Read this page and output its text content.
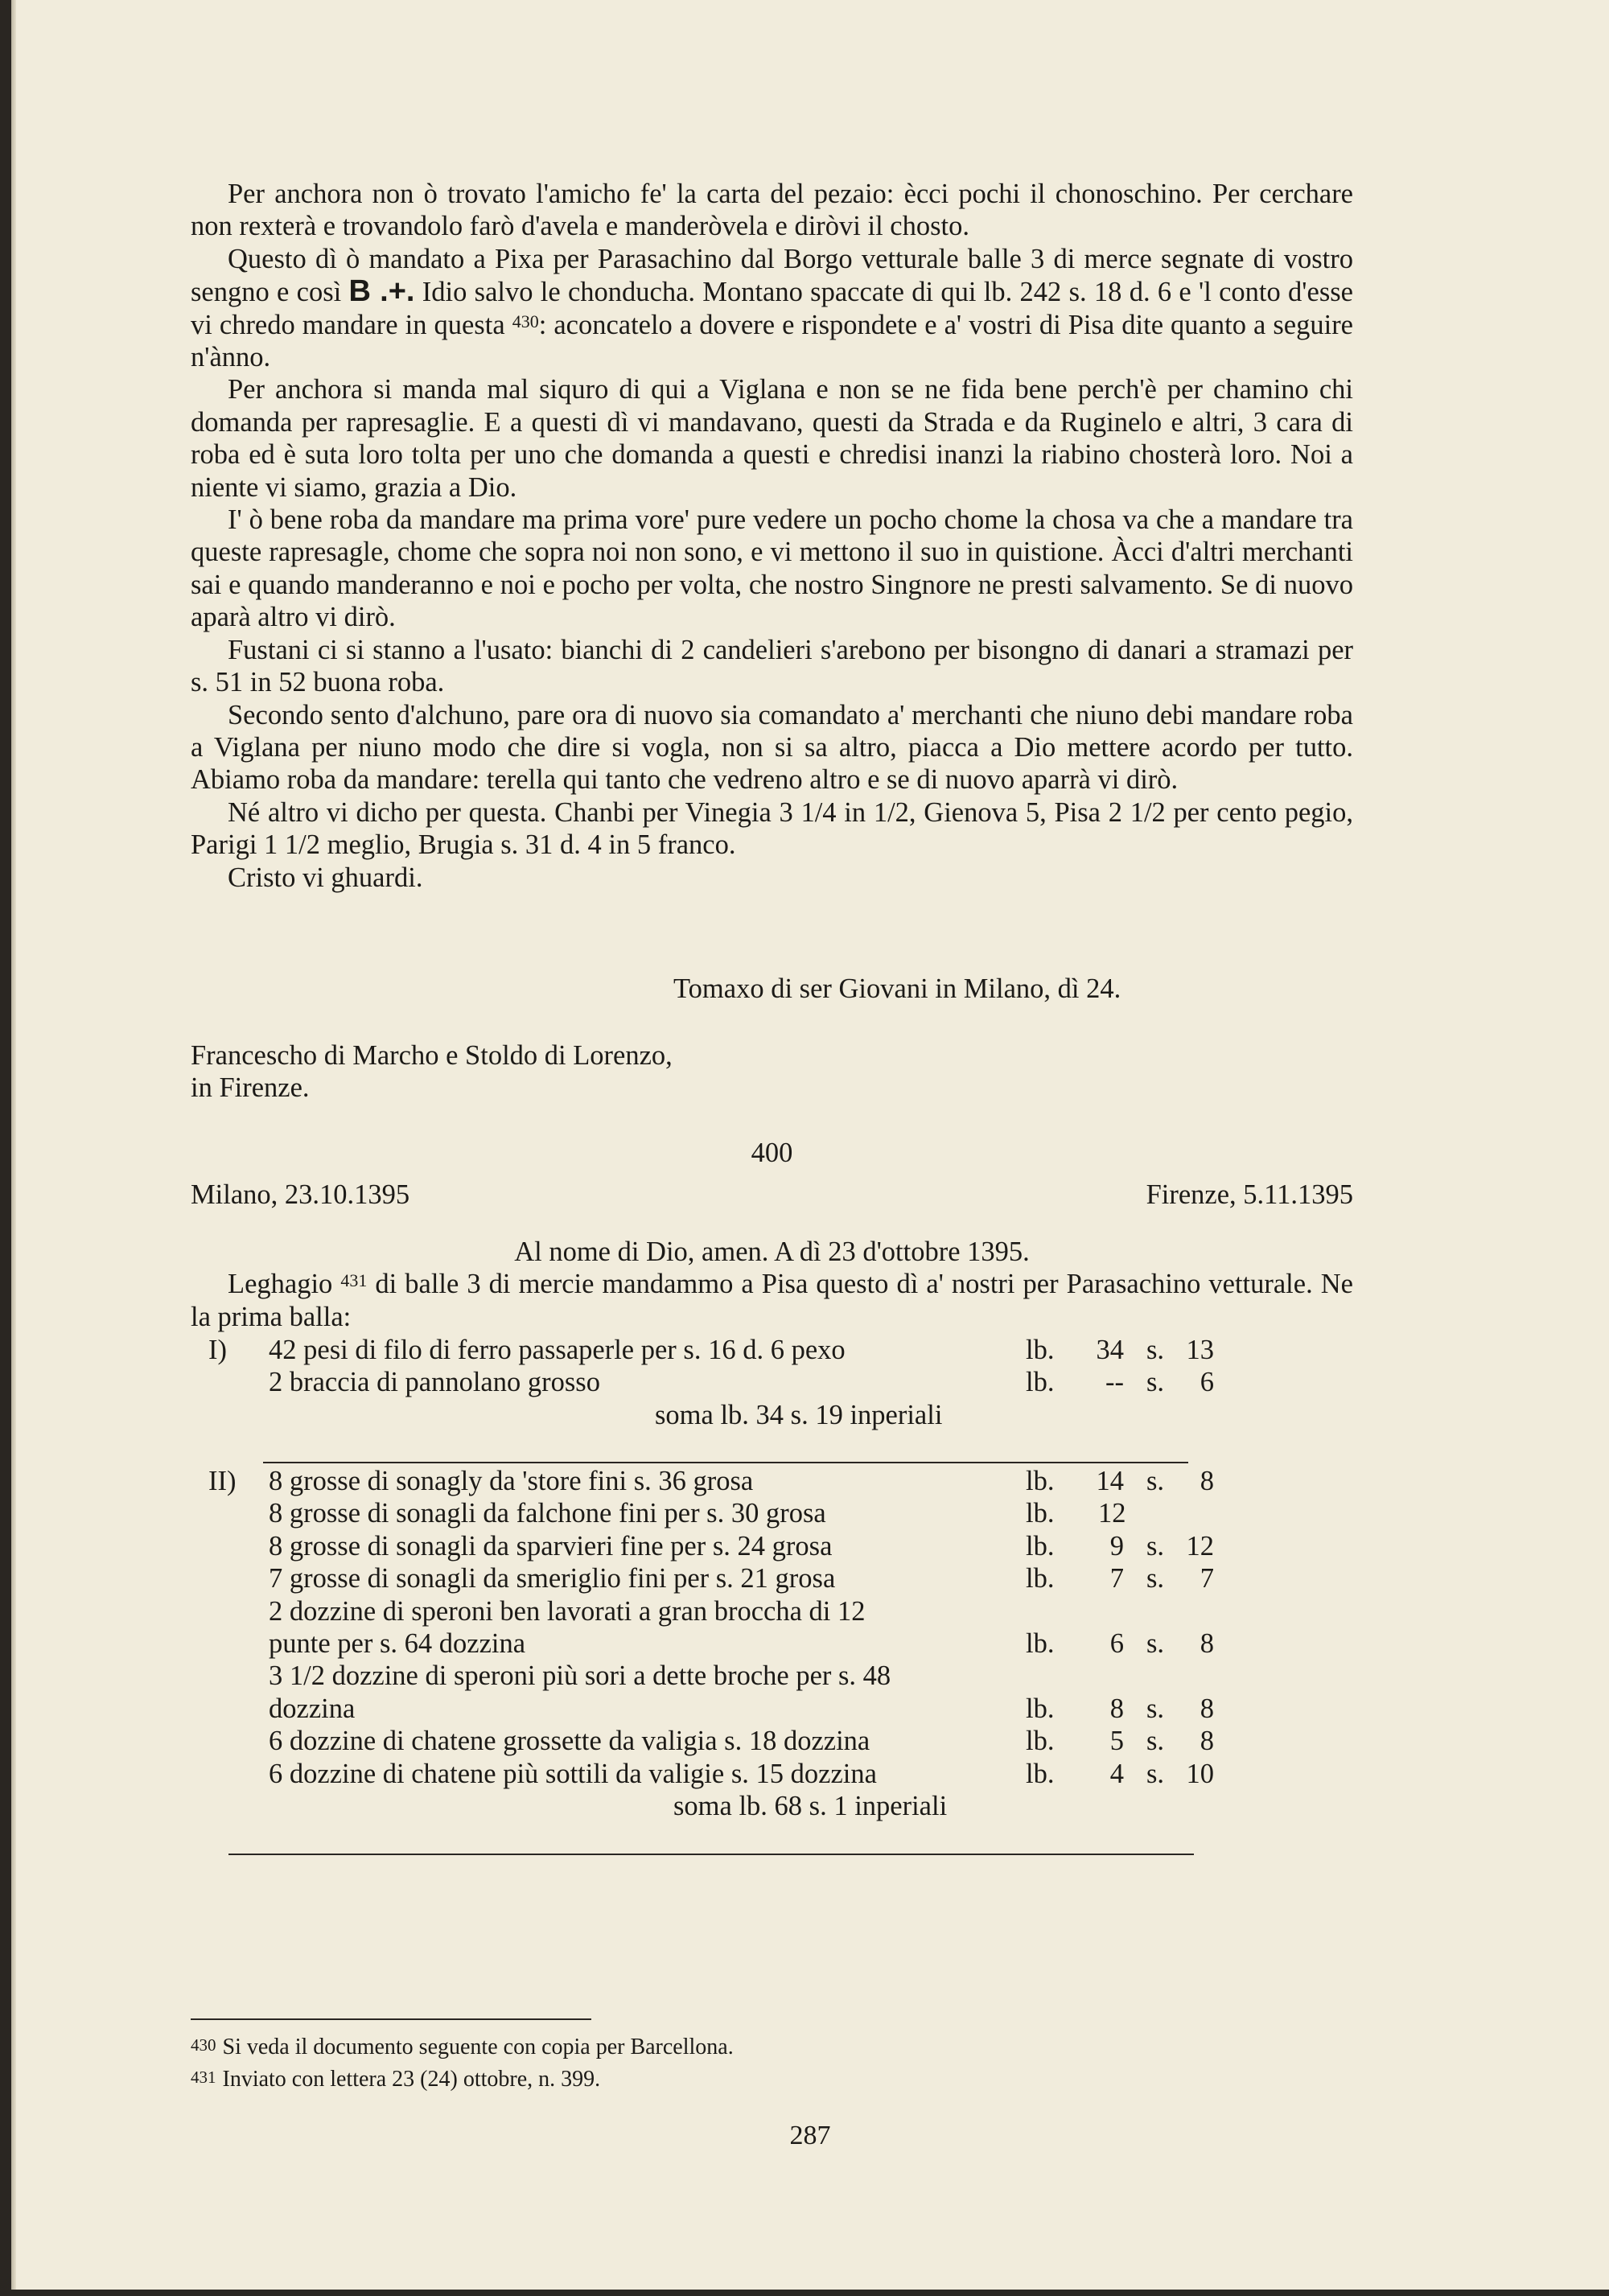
Per anchora non ò trovato l'amicho fe' la carta del pezaio: ècci pochi il chonoschino. Per cerchare non rexterà e trovandolo farò d'avela e manderòvela e diròvi il chosto.

Questo dì ò mandato a Pixa per Parasachino dal Borgo vetturale balle 3 di merce segnate di vostro sengno e così B .+. Idio salvo le chonducha. Montano spaccate di qui lb. 242 s. 18 d. 6 e 'l conto d'esse vi chredo mandare in questa $^{430}$: aconcatelo a dovere e rispondete e a' vostri di Pisa dite quanto a seguire n'ànno.

Per anchora si manda mal siquro di qui a Viglana e non se ne fida bene perch'è per chamino chi domanda per rapresaglie. E a questi dì vi mandavano, questi da Strada e da Ruginelo e altri, 3 cara di roba ed è suta loro tolta per uno che domanda a questi e chredisi inanzi la riabino chosterà loro. Noi a niente vi siamo, grazia a Dio.

I' ò bene roba da mandare ma prima vore' pure vedere un pocho chome la chosa va che a mandare tra queste rapresagle, chome che sopra noi non sono, e vi mettono il suo in quistione. Àcci d'altri merchanti sai e quando manderanno e noi e pocho per volta, che nostro Singnore ne presti salvamento. Se di nuovo aparà altro vi dirò.

Fustani ci si stanno a l'usato: bianchi di 2 candelieri s'arebono per bisongno di danari a stramazi per s. 51 in 52 buona roba.

Secondo sento d'alchuno, pare ora di nuovo sia comandato a' merchanti che niuno debi mandare roba a Viglana per niuno modo che dire si vogla, non si sa altro, piacca a Dio mettere acordo per tutto. Abiamo roba da mandare: terella qui tanto che vedreno altro e se di nuovo aparrà vi dirò.

Né altro vi dicho per questa. Chanbi per Vinegia 3 1/4 in 1/2, Gienova 5, Pisa 2 1/2 per cento pegio, Parigi 1 1/2 meglio, Brugia s. 31 d. 4 in 5 franco.

Cristo vi ghuardi.

Tomaxo di ser Giovani in Milano, dì 24.
Francescho di Marcho e Stoldo di Lorenzo,
in Firenze.
400
Milano, 23.10.1395	Firenze, 5.11.1395
Al nome di Dio, amen. A dì 23 d'ottobre 1395.

Leghagio $^{431}$ di balle 3 di mercie mandammo a Pisa questo dì a' nostri per Parasachino vetturale. Ne la prima balla:

I) 42 pesi di filo di ferro passaperle per s. 16 d. 6 pexo	lb.	34 s. 13
2 braccia di pannolano grosso	lb.	-- s.	6
soma lb. 34 s. 19 inperiali
II) 8 grosse di sonagly da 'store fini s. 36 grosa	lb.	14 s.	8
8 grosse di sonagli da falchone fini per s. 30 grosa	lb. 12
8 grosse di sonagli da sparvieri fine per s. 24 grosa	lb.	9 s. 12
7 grosse di sonagli da smeriglio fini per s. 21 grosa	lb.	7 s.	7
2 dozzine di speroni ben lavorati a gran broccha di 12
punte per s. 64 dozzina	lb.	6 s.	8
3 1/2 dozzine di speroni più sori a dette broche per s. 48
dozzina	lb.	8 s.	8
6 dozzine di chatene grossette da valigia s. 18 dozzina	lb.	5 s.	8
6 dozzine di chatene più sottili da valigie s. 15 dozzina	lb.	4 s. 10
soma lb. 68 s. 1 inperiali
$^{430}$ Si veda il documento seguente con copia per Barcellona.
$^{431}$ Inviato con lettera 23 (24) ottobre, n. 399.
287
